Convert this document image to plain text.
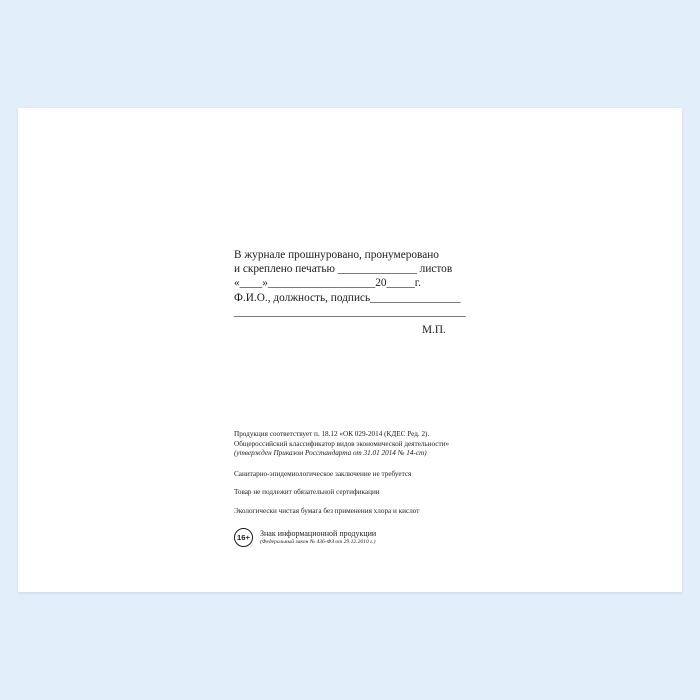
В журнале прошнуровано, пронумеровано
и скреплено печатью ______________ листов
«____»___________________20_____г.
Ф.И.О., должность, подпись________________
_________________________________________
М.П.
Продукция соответствует п. 18.12 «ОК 029-2014 (КДЕС Ред. 2).
Общероссийский классификатор видов экономической деятельности»
(утвержден Приказом Росстандарта от 31.01 2014 № 14-ст)
Санитарно-эпидемиологическое заключение не требуется
Товар не подлежит обязательной сертификации
Экологически чистая бумага без применения хлора и кислот
16+	Знак информационной продукции
(Федеральный закон № 436-ФЗ от 29.12.2010 г.)
